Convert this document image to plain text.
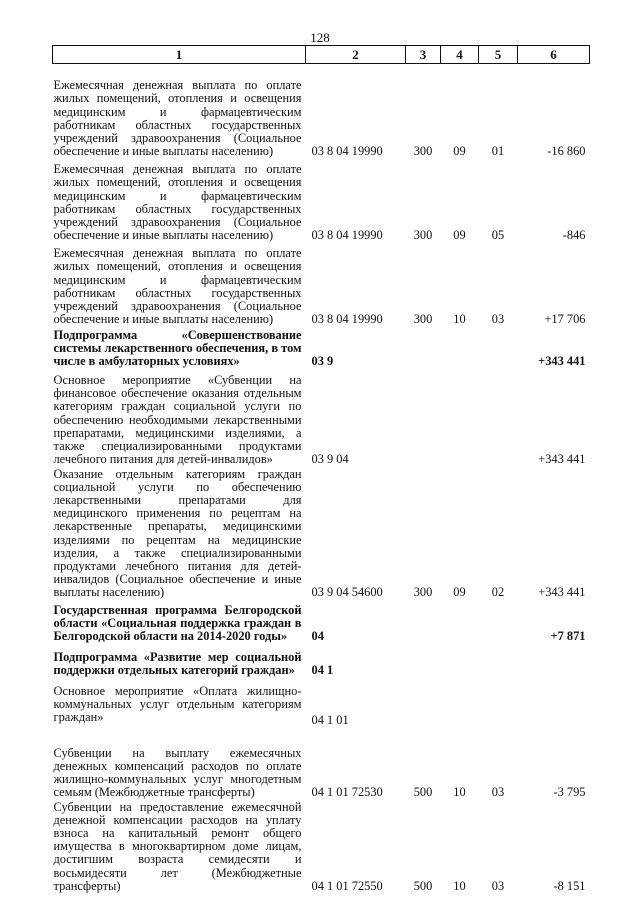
128
1	2	3	4	5	6
Ежемесячная денежная выплата по оплате жилых помещений, отопления и освещения медицинским и фармацевтическим работникам областных государственных учреждений здравоохранения (Социальное обеспечение и иные выплаты населению)	03 8 04 19990	300	09	01	-16 860
Ежемесячная денежная выплата по оплате жилых помещений, отопления и освещения медицинским и фармацевтическим работникам областных государственных учреждений здравоохранения (Социальное обеспечение и иные выплаты населению)	03 8 04 19990	300	09	05	-846
Ежемесячная денежная выплата по оплате жилых помещений, отопления и освещения медицинским и фармацевтическим работникам областных государственных учреждений здравоохранения (Социальное обеспечение и иные выплаты населению)	03 8 04 19990	300	10	03	+17 706
Подпрограмма «Совершенствование системы лекарственного обеспечения, в том числе в амбулаторных условиях»	03 9				+343 441
Основное мероприятие «Субвенции на финансовое обеспечение оказания отдельным категориям граждан социальной услуги по обеспечению необходимыми лекарственными препаратами, медицинскими изделиями, а также специализированными продуктами лечебного питания для детей-инвалидов»	03 9 04				+343 441
Оказание отдельным категориям граждан социальной услуги по обеспечению лекарственными препаратами для медицинского применения по рецептам на лекарственные препараты, медицинскими изделиями по рецептам на медицинские изделия, а также специализированными продуктами лечебного питания для детей-инвалидов (Социальное обеспечение и иные выплаты населению)	03 9 04 54600	300	09	02	+343 441
Государственная программа Белгородской области «Социальная поддержка граждан в Белгородской области на 2014-2020 годы»	04				+7 871
Подпрограмма «Развитие мер социальной поддержки отдельных категорий граждан»	04 1				
Основное мероприятие «Оплата жилищно-коммунальных услуг отдельным категориям граждан»	04 1 01				
Субвенции на выплату ежемесячных денежных компенсаций расходов по оплате жилищно-коммунальных услуг многодетным семьям (Межбюджетные трансферты)	04 1 01 72530	500	10	03	-3 795
Субвенции на предоставление ежемесячной денежной компенсации расходов на уплату взноса на капитальный ремонт общего имущества в многоквартирном доме лицам, достигшим возраста семидесяти и восьмидесяти лет (Межбюджетные трансферты)	04 1 01 72550	500	10	03	-8 151
